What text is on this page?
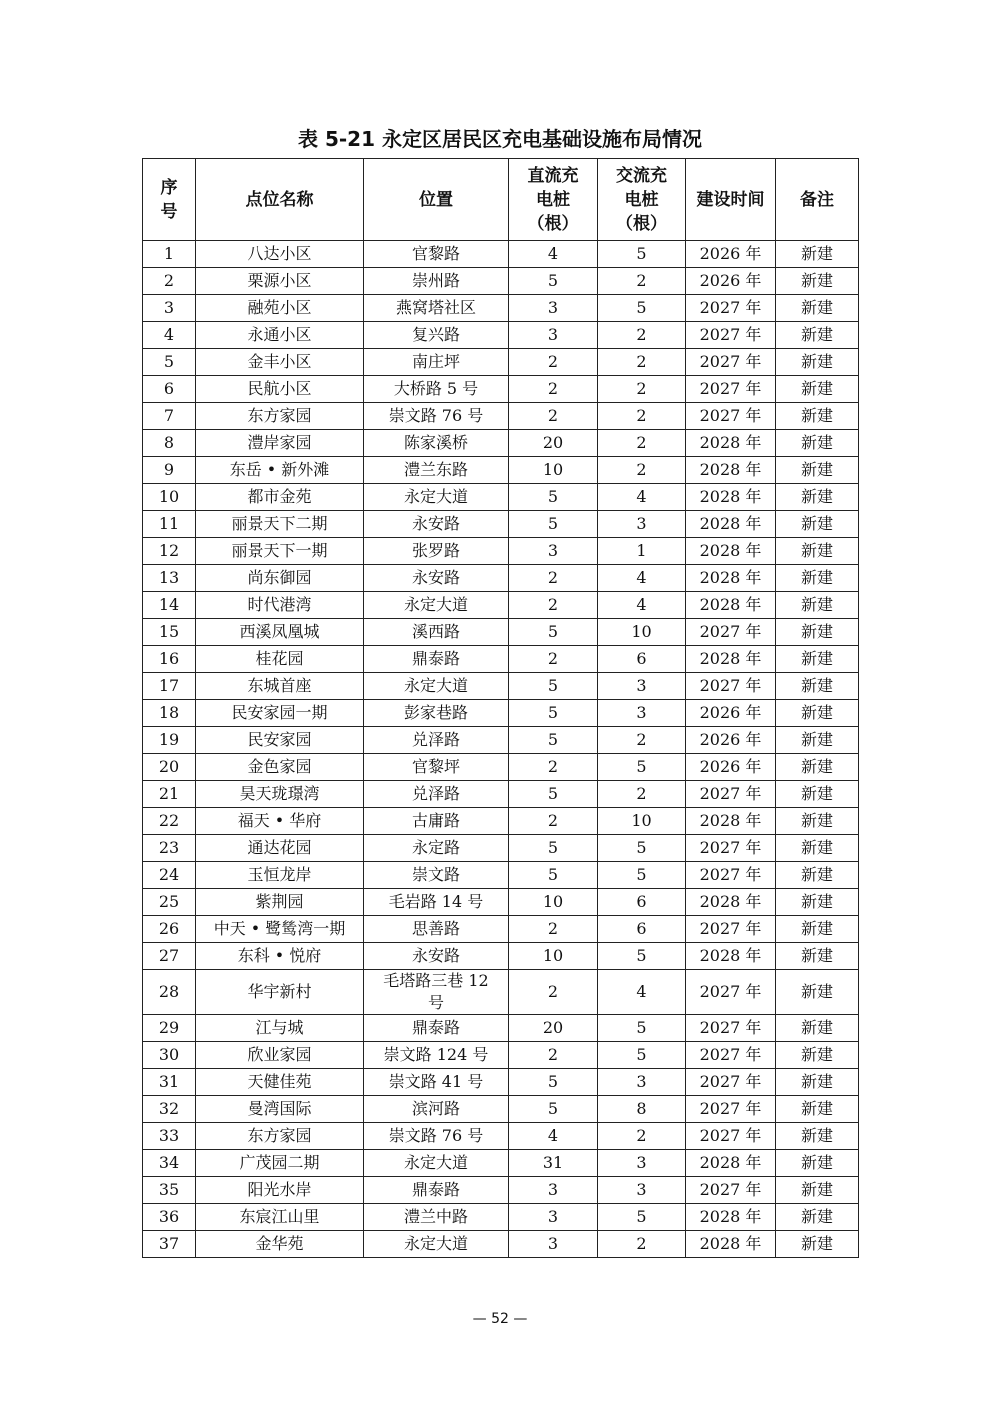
表 5-21 永定区居民区充电基础设施布局情况
序号	点位名称	位置	直流充电桩（根）	交流充电桩（根）	建设时间	备注
1	八达小区	官黎路	4	5	2026 年	新建
2	栗源小区	崇州路	5	2	2026 年	新建
3	融苑小区	燕窝塔社区	3	5	2027 年	新建
4	永通小区	复兴路	3	2	2027 年	新建
5	金丰小区	南庄坪	2	2	2027 年	新建
6	民航小区	大桥路 5 号	2	2	2027 年	新建
7	东方家园	崇文路 76 号	2	2	2027 年	新建
8	澧岸家园	陈家溪桥	20	2	2028 年	新建
9	东岳 • 新外滩	澧兰东路	10	2	2028 年	新建
10	都市金苑	永定大道	5	4	2028 年	新建
11	丽景天下二期	永安路	5	3	2028 年	新建
12	丽景天下一期	张罗路	3	1	2028 年	新建
13	尚东御园	永安路	2	4	2028 年	新建
14	时代港湾	永定大道	2	4	2028 年	新建
15	西溪凤凰城	溪西路	5	10	2027 年	新建
16	桂花园	鼎泰路	2	6	2028 年	新建
17	东城首座	永定大道	5	3	2027 年	新建
18	民安家园一期	彭家巷路	5	3	2026 年	新建
19	民安家园	兑泽路	5	2	2026 年	新建
20	金色家园	官黎坪	2	5	2026 年	新建
21	昊天珑璟湾	兑泽路	5	2	2027 年	新建
22	福天 • 华府	古庸路	2	10	2028 年	新建
23	通达花园	永定路	5	5	2027 年	新建
24	玉恒龙岸	崇文路	5	5	2027 年	新建
25	紫荆园	毛岩路 14 号	10	6	2028 年	新建
26	中天 • 鹭鸶湾一期	思善路	2	6	2027 年	新建
27	东科 • 悦府	永安路	10	5	2028 年	新建
28	华宇新村	毛塔路三巷 12 号	2	4	2027 年	新建
29	江与城	鼎泰路	20	5	2027 年	新建
30	欣业家园	崇文路 124 号	2	5	2027 年	新建
31	天健佳苑	崇文路 41 号	5	3	2027 年	新建
32	曼湾国际	滨河路	5	8	2027 年	新建
33	东方家园	崇文路 76 号	4	2	2027 年	新建
34	广茂园二期	永定大道	31	3	2028 年	新建
35	阳光水岸	鼎泰路	3	3	2027 年	新建
36	东宸江山里	澧兰中路	3	5	2028 年	新建
37	金华苑	永定大道	3	2	2028 年	新建
— 52 —
